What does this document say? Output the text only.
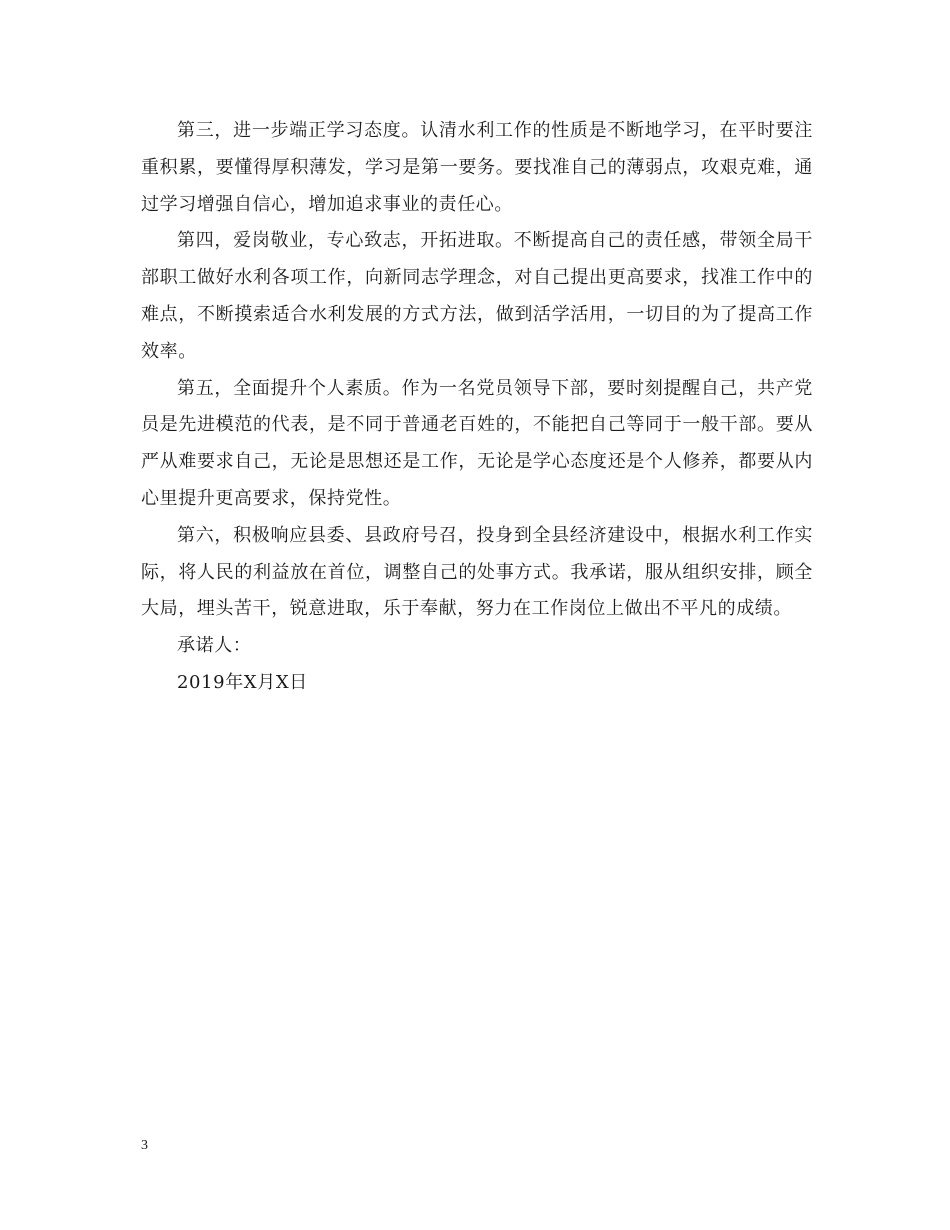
第三，进一步端正学习态度。认清水利工作的性质是不断地学习，在平时要注重积累，要懂得厚积薄发，学习是第一要务。要找准自己的薄弱点，攻艰克难，通过学习增强自信心，增加追求事业的责任心。

第四，爱岗敬业，专心致志，开拓进取。不断提高自己的责任感，带领全局干部职工做好水利各项工作，向新同志学理念，对自己提出更高要求，找准工作中的难点，不断摸索适合水利发展的方式方法，做到活学活用，一切目的为了提高工作效率。

第五，全面提升个人素质。作为一名党员领导下部，要时刻提醒自己，共产党员是先进模范的代表，是不同于普通老百姓的，不能把自己等同于一般干部。要从严从难要求自己，无论是思想还是工作，无论是学心态度还是个人修养，都要从内心里提升更高要求，保持党性。

第六，积极响应县委、县政府号召，投身到全县经济建设中，根据水利工作实际，将人民的利益放在首位，调整自己的处事方式。我承诺，服从组织安排，顾全大局，埋头苦干，锐意进取，乐于奉献，努力在工作岗位上做出不平凡的成绩。

承诺人：

2019年X月X日

3
